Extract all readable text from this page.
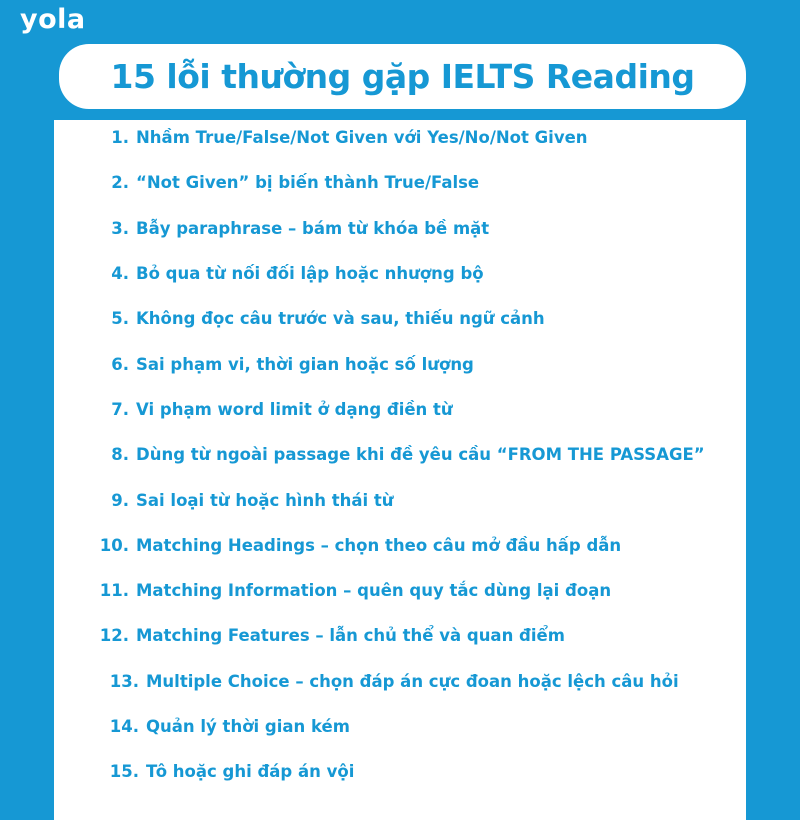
yola
15 lỗi thường gặp IELTS Reading
1. Nhầm True/False/Not Given với Yes/No/Not Given
2. “Not Given” bị biến thành True/False
3. Bẫy paraphrase – bám từ khóa bề mặt
4. Bỏ qua từ nối đối lập hoặc nhượng bộ
5. Không đọc câu trước và sau, thiếu ngữ cảnh
6. Sai phạm vi, thời gian hoặc số lượng
7. Vi phạm word limit ở dạng điền từ
8. Dùng từ ngoài passage khi đề yêu cầu “FROM THE PASSAGE”
9. Sai loại từ hoặc hình thái từ
10. Matching Headings – chọn theo câu mở đầu hấp dẫn
11. Matching Information – quên quy tắc dùng lại đoạn
12. Matching Features – lẫn chủ thể và quan điểm
13. Multiple Choice – chọn đáp án cực đoan hoặc lệch câu hỏi
14. Quản lý thời gian kém
15. Tô hoặc ghi đáp án vội
